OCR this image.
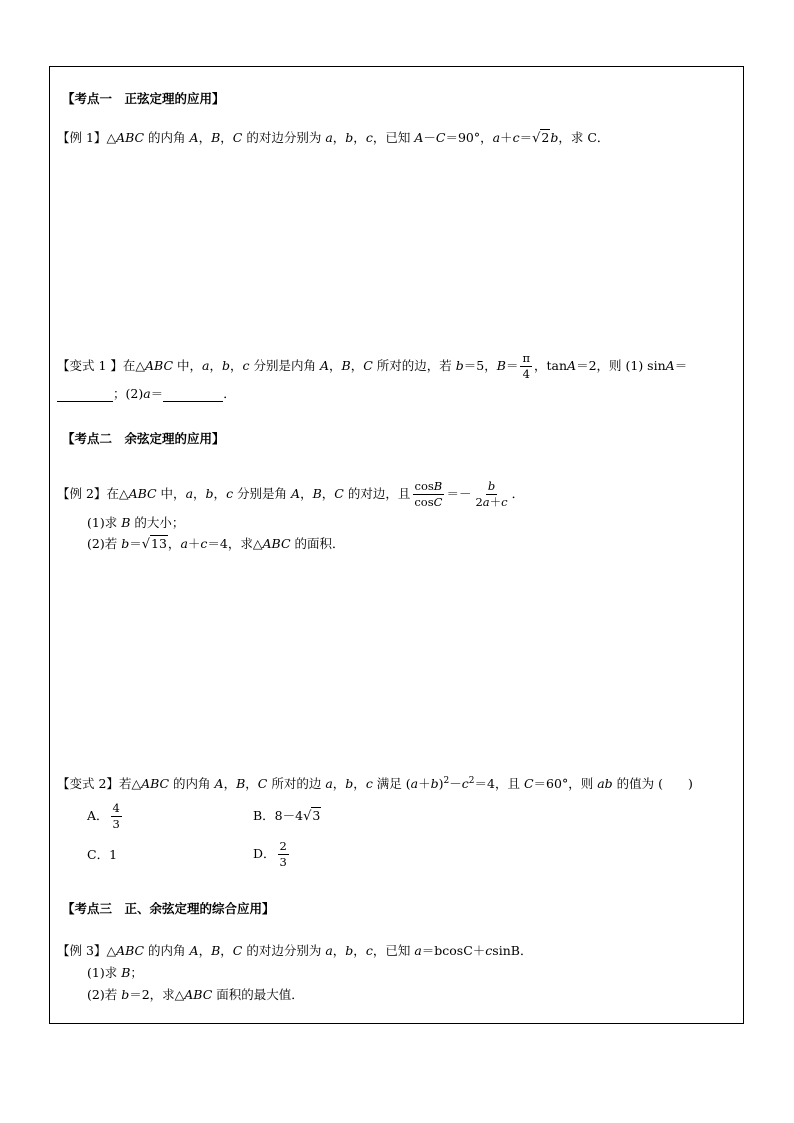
【考点一　正弦定理的应用】
【例 1】△ABC 的内角 A，B，C 的对边分别为 a，b，c，已知 A－C＝90°，a＋c＝√2b，求 C．
【变式 1 】在△ABC 中，a，b，c 分别是内角 A，B，C 所对的边，若 b＝5，$B= \frac{\pi}{4}$ ，tanA＝2，则 (1) sinA＝
；(2)a＝	．
【考点二　余弦定理的应用】
【例 2】在△ABC 中，a，b，c 分别是角 A，B，C 的对边，且 $\frac{\cos B}{\cos C} =- \frac{b}{2a+c}$ ．
(1)求 B 的大小；
(2)若 b＝√13，a＋c＝4，求△ABC 的面积．
【变式 2】若△ABC 的内角 A，B，C 所对的边 a，b，c 满足 $(a+b)^2-c^2=4$，且 C＝60°，则 ab 的值为 (　　)
A． $\frac{4}{3}$	B．8－4√3
C．1	D． $\frac{2}{3}$
【考点三　正、余弦定理的综合应用】
【例 3】△ABC 的内角 A，B，C 的对边分别为 a，b，c，已知 a＝bcosC＋csinB．
(1)求 B；
(2)若 b＝2，求△ABC 面积的最大值．
